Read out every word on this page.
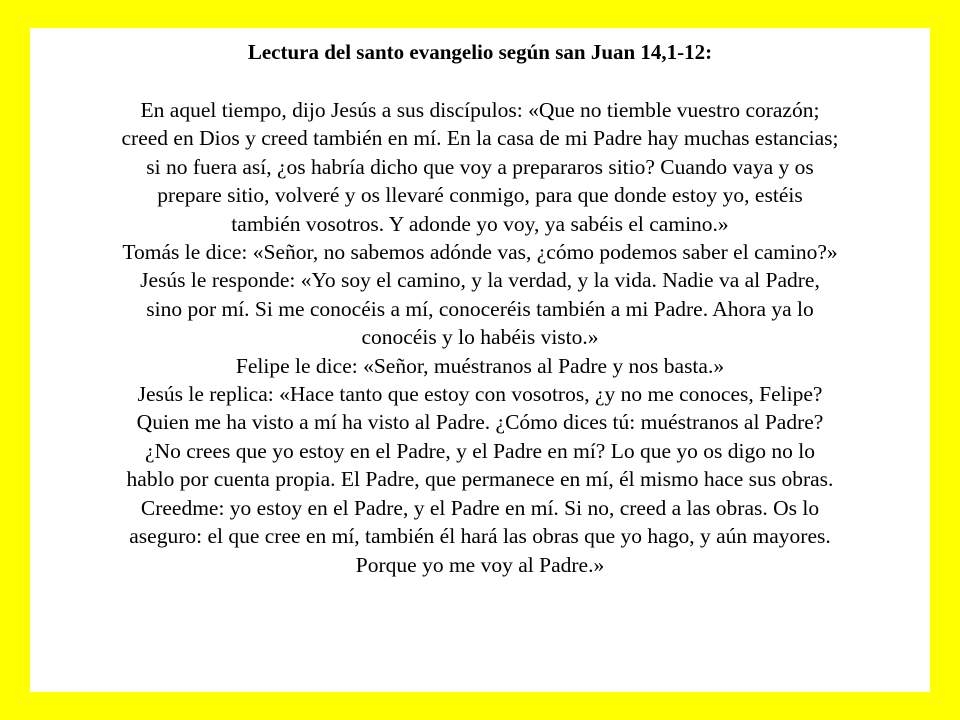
Lectura del santo evangelio según san Juan 14,1-12:

En aquel tiempo, dijo Jesús a sus discípulos: «Que no tiemble vuestro corazón;

creed en Dios y creed también en mí. En la casa de mi Padre hay muchas estancias;

si no fuera así, ¿os habría dicho que voy a prepararos sitio? Cuando vaya y os

prepare sitio, volveré y os llevaré conmigo, para que donde estoy yo, estéis

también vosotros. Y adonde yo voy, ya sabéis el camino.»

Tomás le dice: «Señor, no sabemos adónde vas, ¿cómo podemos saber el camino?»

Jesús le responde: «Yo soy el camino, y la verdad, y la vida. Nadie va al Padre,

sino por mí. Si me conocéis a mí, conoceréis también a mi Padre. Ahora ya lo

conocéis y lo habéis visto.»

Felipe le dice: «Señor, muéstranos al Padre y nos basta.»

Jesús le replica: «Hace tanto que estoy con vosotros, ¿y no me conoces, Felipe?

Quien me ha visto a mí ha visto al Padre. ¿Cómo dices tú: muéstranos al Padre?

¿No crees que yo estoy en el Padre, y el Padre en mí? Lo que yo os digo no lo

hablo por cuenta propia. El Padre, que permanece en mí, él mismo hace sus obras.

Creedme: yo estoy en el Padre, y el Padre en mí. Si no, creed a las obras. Os lo

aseguro: el que cree en mí, también él hará las obras que yo hago, y aún mayores.

Porque yo me voy al Padre.»
